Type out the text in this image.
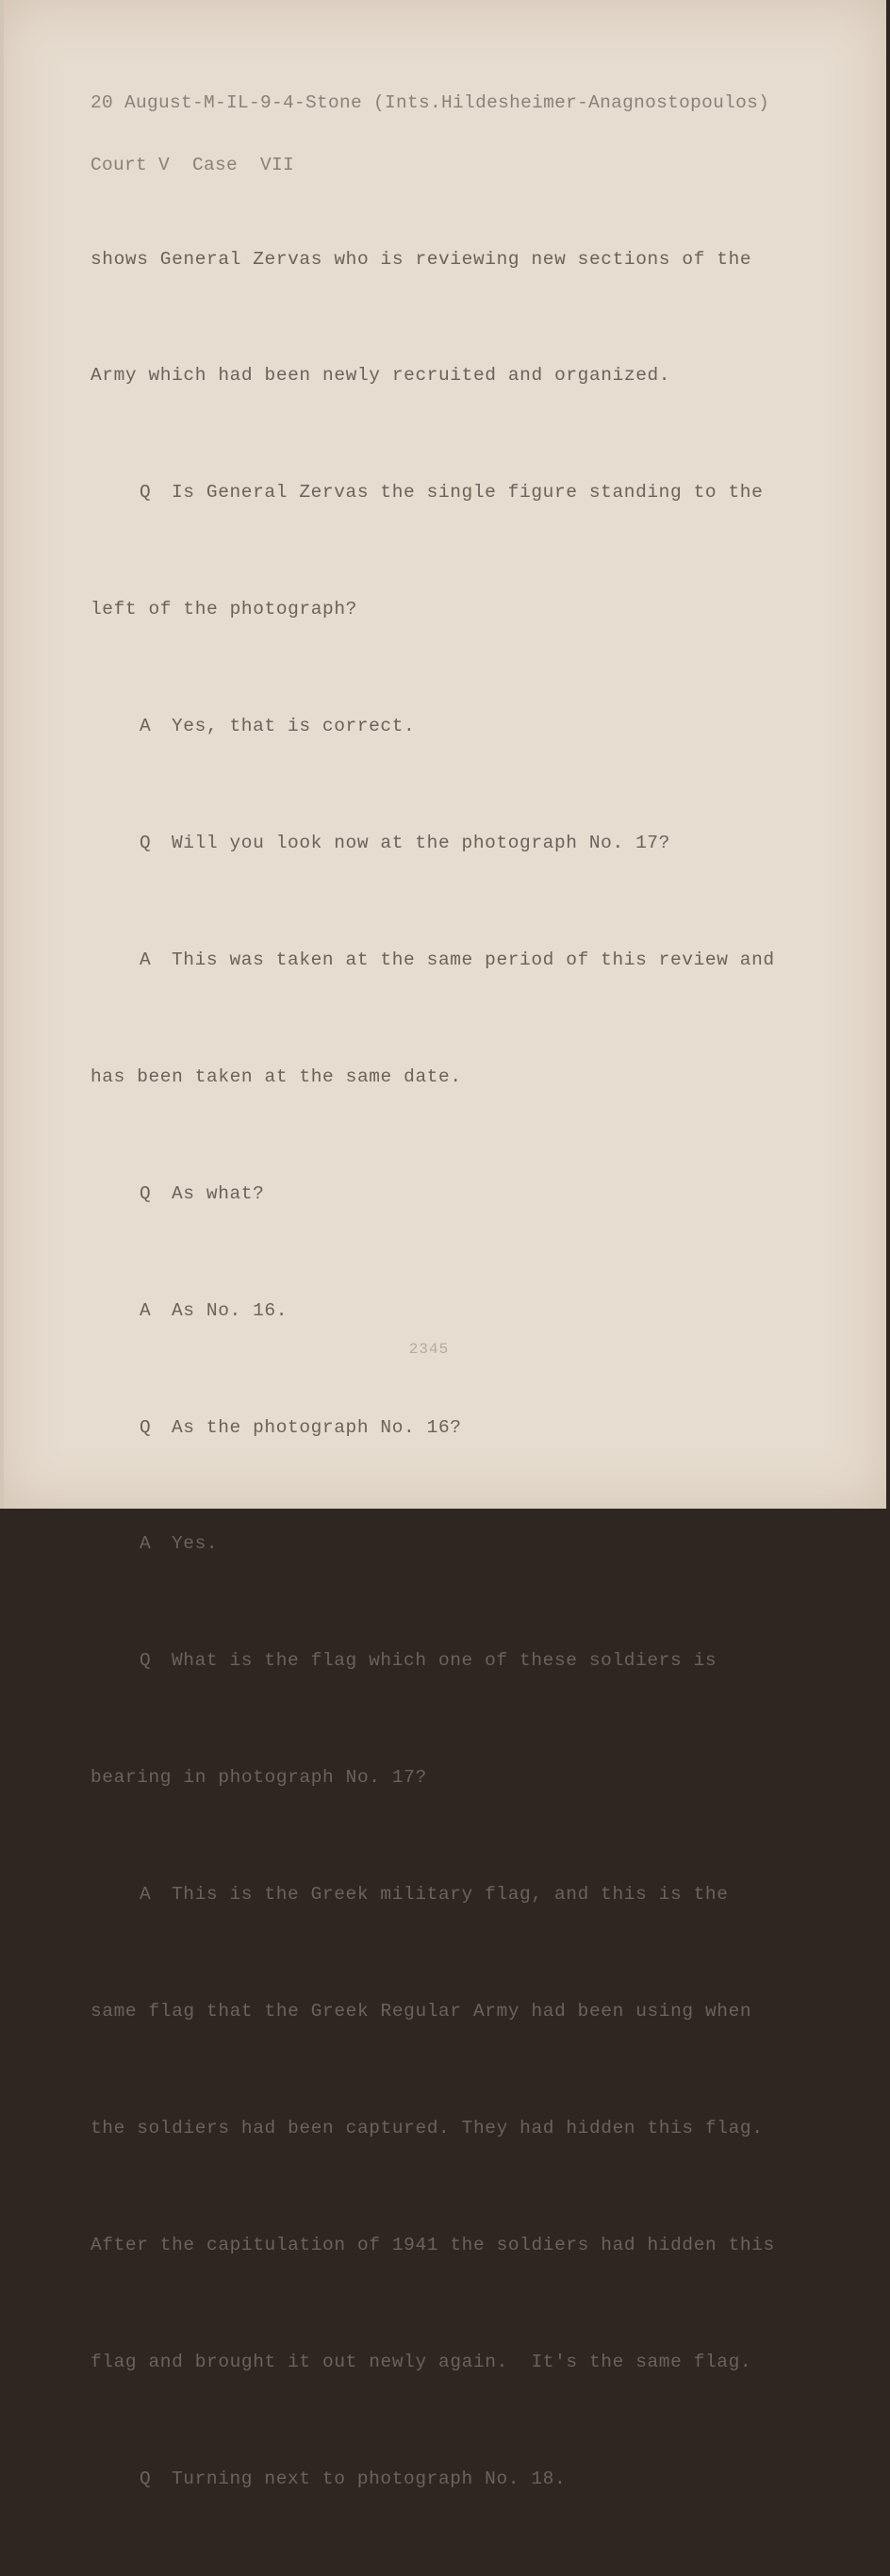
20 August-M-IL-9-4-Stone (Ints.Hildesheimer-Anagnostopoulos)

Court V  Case  VII

shows General Zervas who is reviewing new sections of the

Army which had been newly recruited and organized.

Q Is General Zervas the single figure standing to the

left of the photograph?

A Yes, that is correct.

Q Will you look now at the photograph No. 17?

A This was taken at the same period of this review and

has been taken at the same date.

Q As what?

A As No. 16.

Q As the photograph No. 16?

A Yes.

Q What is the flag which one of these soldiers is

bearing in photograph No. 17?

A This is the Greek military flag, and this is the

same flag that the Greek Regular Army had been using when

the soldiers had been captured. They had hidden this flag.

After the capitulation of 1941 the soldiers had hidden this

flag and brought it out newly again.  It's the same flag.

Q Turning next to photograph No. 18.

2345
